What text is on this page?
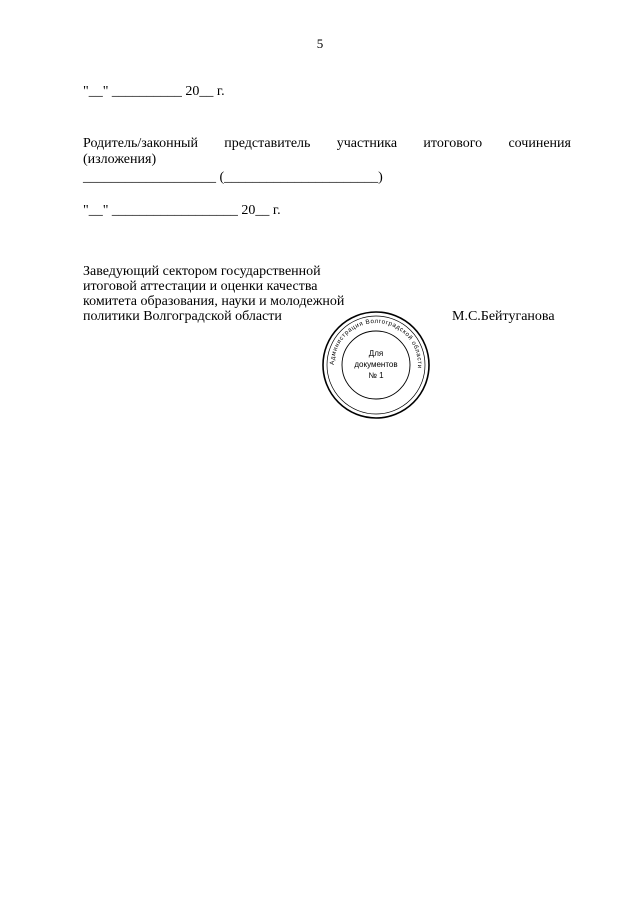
5
"__" __________ 20__ г.
Родитель/законный представитель участника итогового сочинения
(изложения)
___________________ (______________________)
"__" __________________ 20__ г.
Заведующий сектором государственной
итоговой аттестации и оценки качества
комитета образования, науки и молодежной
политики Волгоградской области	М.С.Бейтуганова
Администрация Волгоградской области
Для
документов
№ 1
